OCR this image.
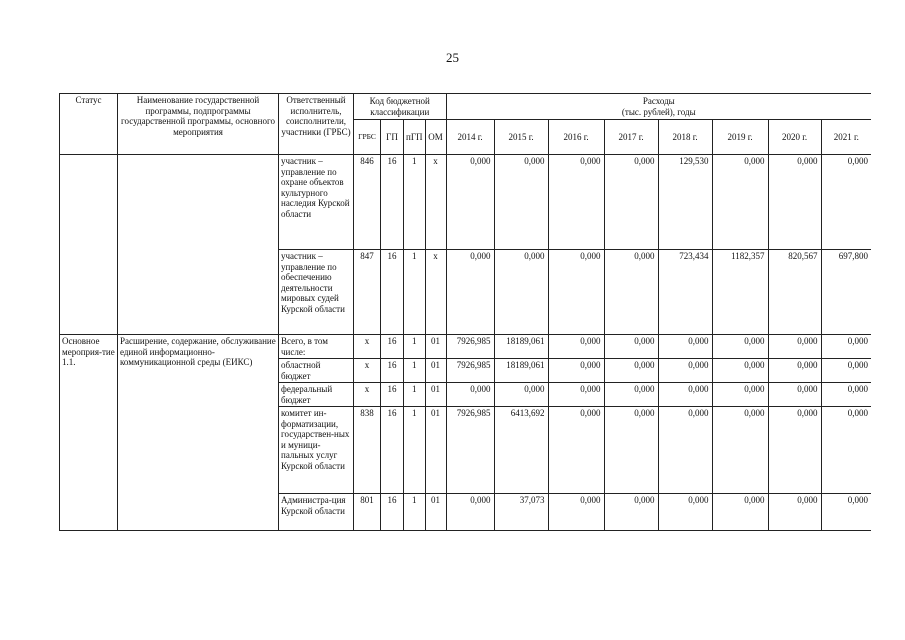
25
Статус	Наименование государственной программы, подпрограммы государственной программы, основного мероприятия	Ответственный исполнитель, соисполнители, участники (ГРБС)	Код бюджетной классификации				Расходы
(тыс. рублей), годы							

			ГРБС	ГП	пГП	ОМ	2014 г.	2015 г.	2016 г.	2017 г.	2018 г.	2019 г.	2020 г.	2021 г.
		участник – управление по охране объектов культурного наследия Курской области	846	16	1	х	0,000	0,000	0,000	0,000	129,530	0,000	0,000	0,000
		участник – управление по обеспечению деятельности мировых судей Курской области	847	16	1	х	0,000	0,000	0,000	0,000	723,434	1182,357	820,567	697,800
Основное мероприя-тие 1.1.	Расширение, содержание, обслуживание единой информационно-коммуникационной среды (ЕИКС)	Всего, в том числе:	х	16	1	01	7926,985	18189,061	0,000	0,000	0,000	0,000	0,000	0,000
		областной бюджет	х	16	1	01	7926,985	18189,061	0,000	0,000	0,000	0,000	0,000	0,000
		федеральный бюджет	х	16	1	01	0,000	0,000	0,000	0,000	0,000	0,000	0,000	0,000
		комитет ин-форматизации, государствен-ных и муници-пальных услуг Курской области	838	16	1	01	7926,985	6413,692	0,000	0,000	0,000	0,000	0,000	0,000
		Администра-ция Курской области	801	16	1	01	0,000	37,073	0,000	0,000	0,000	0,000	0,000	0,000
